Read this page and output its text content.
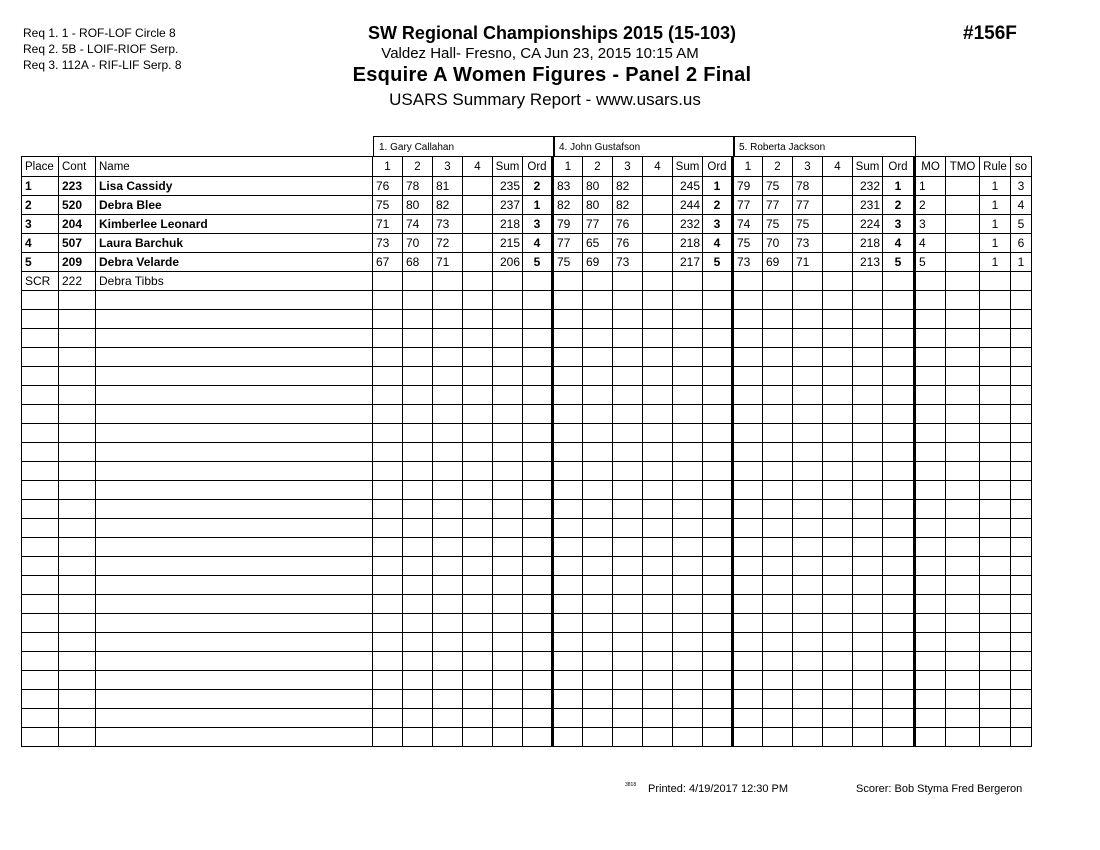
Req 1. 1 - ROF-LOF Circle 8
Req 2. 5B - LOIF-RIOF Serp.
Req 3. 112A - RIF-LIF Serp. 8
SW Regional Championships 2015 (15-103)
Valdez Hall- Fresno, CA Jun 23, 2015 10:15 AM
Esquire A Women Figures - Panel 2 Final
USARS Summary Report - www.usars.us
#156F
1. Gary Callahan	4. John Gustafson	5. Roberta Jackson
Place	Cont	Name	1	2	3	4	Sum	Ord	1	2	3	4	Sum	Ord	1	2	3	4	Sum	Ord	MO	TMO	Rule	so
1	223	Lisa Cassidy	76	78	81		235	2	83	80	82		245	1	79	75	78		232	1	1		1	3
2	520	Debra Blee	75	80	82		237	1	82	80	82		244	2	77	77	77		231	2	2		1	4
3	204	Kimberlee Leonard	71	74	73		218	3	79	77	76		232	3	74	75	75		224	3	3		1	5
4	507	Laura Barchuk	73	70	72		215	4	77	65	76		218	4	75	70	73		218	4	4		1	6
5	209	Debra Velarde	67	68	71		206	5	75	69	73		217	5	73	69	71		213	5	5		1	1
SCR	222	Debra Tibbs																						

3818 Printed: 4/19/2017 12:30 PM	Scorer: Bob Styma Fred Bergeron
